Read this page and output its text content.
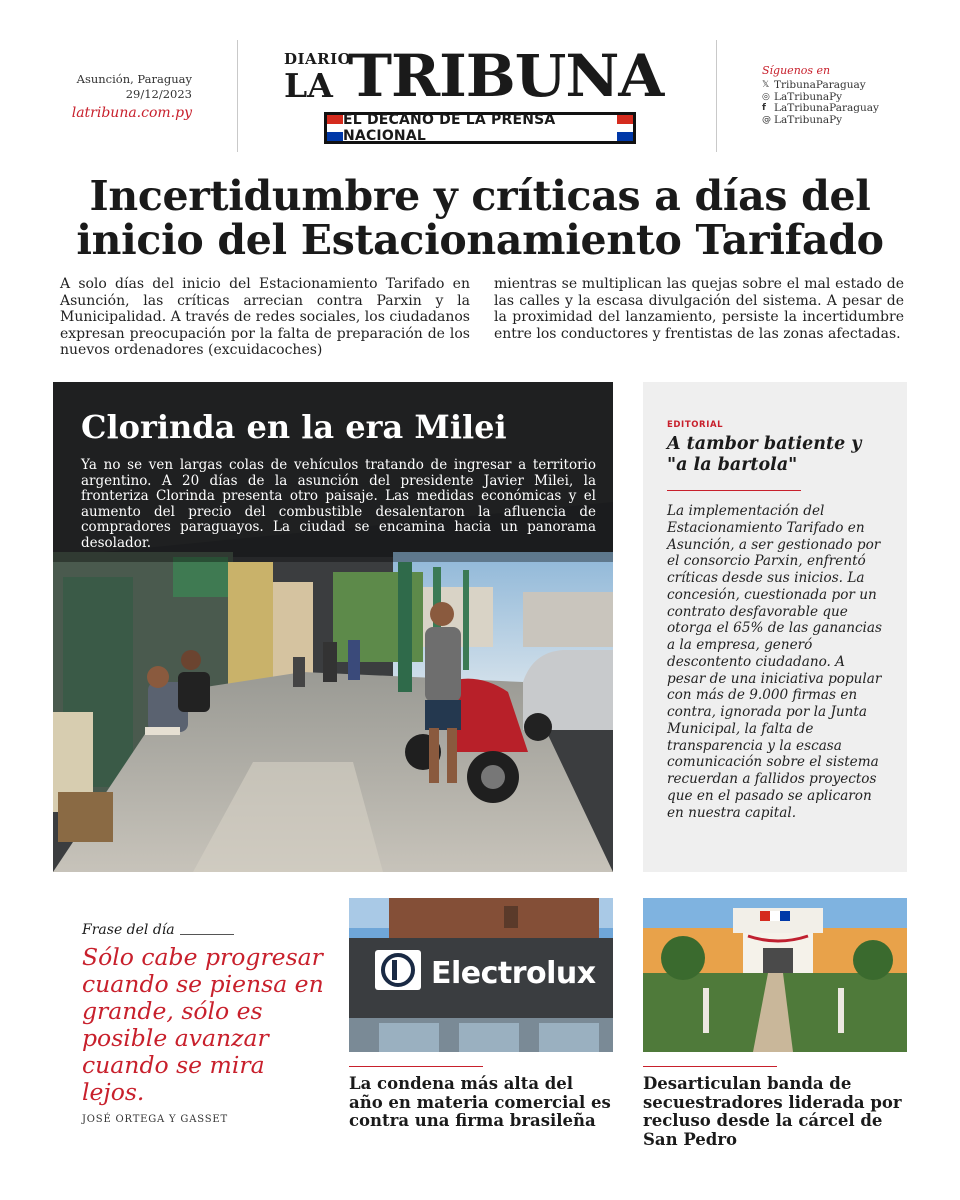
Asunción, Paraguay
29/12/2023
latribuna.com.py
DIARIO
LA TRIBUNA
EL DECANO DE LA PRENSA NACIONAL
Síguenos en
𝕏 TribunaParaguay
◎ LaTribunaPy
f LaTribunaParaguay
@ LaTribunaPy
Incertidumbre y críticas a días del inicio del Estacionamiento Tarifado
A solo días del inicio del Estacionamiento Tarifado en Asunción, las críticas arrecian contra Parxin y la Municipalidad. A través de redes sociales, los ciudadanos expresan preocupación por la falta de preparación de los nuevos ordenadores (excuidacoches)
mientras se multiplican las quejas sobre el mal estado de las calles y la escasa divulgación del sistema. A pesar de la proximidad del lanzamiento, persiste la incertidumbre entre los conductores y frentistas de las zonas afectadas.
Clorinda en la era Milei
Ya no se ven largas colas de vehículos tratando de ingresar a territorio argentino. A 20 días de la asunción del presidente Javier Milei, la fronteriza Clorinda presenta otro paisaje. Las medidas económicas y el aumento del precio del combustible desalentaron la afluencia de compradores paraguayos. La ciudad se encamina hacia un panorama desolador.
EDITORIAL
A tambor batiente y "a la bartola"
La implementación del Estacionamiento Tarifado en Asunción, a ser gestionado por el consorcio Parxin, enfrentó críticas desde sus inicios. La concesión, cuestionada por un contrato desfavorable que otorga el 65% de las ganancias a la empresa, generó descontento ciudadano. A pesar de una iniciativa popular con más de 9.000 firmas en contra, ignorada por la Junta Municipal, la falta de transparencia y la escasa comunicación sobre el sistema recuerdan a fallidos proyectos que en el pasado se aplicaron en nuestra capital.
Frase del día
Sólo cabe progresar cuando se piensa en grande, sólo es posible avanzar cuando se mira lejos.
JOSÉ ORTEGA Y GASSET
Electrolux
La condena más alta del año en materia comercial es contra una firma brasileña
Desarticulan banda de secuestradores liderada por recluso desde la cárcel de San Pedro
